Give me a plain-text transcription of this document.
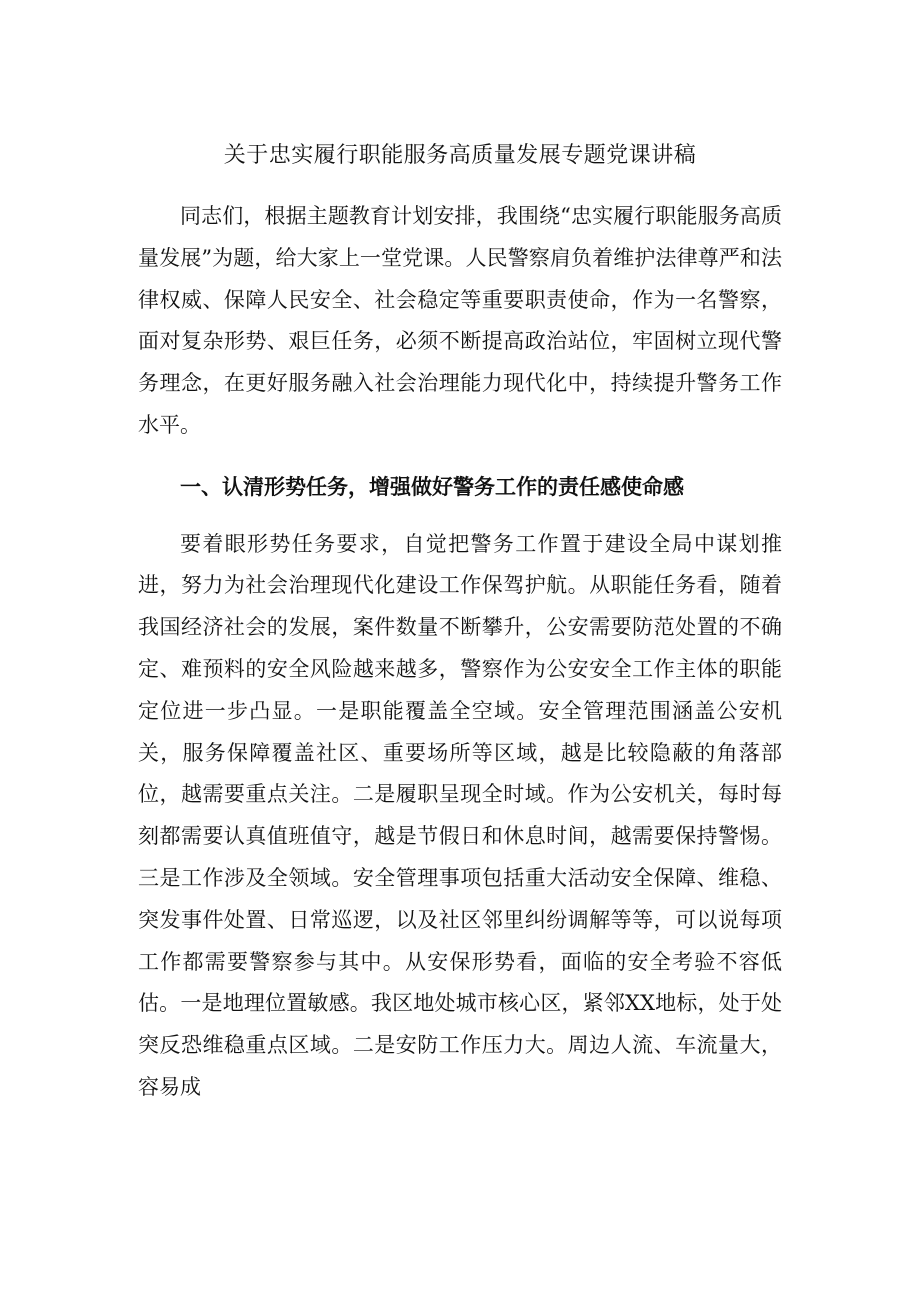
关于忠实履行职能服务高质量发展专题党课讲稿

同志们，根据主题教育计划安排，我围绕“忠实履行职能服务高质量发展”为题，给大家上一堂党课。人民警察肩负着维护法律尊严和法律权威、保障人民安全、社会稳定等重要职责使命，作为一名警察，面对复杂形势、艰巨任务，必须不断提高政治站位，牢固树立现代警务理念，在更好服务融入社会治理能力现代化中，持续提升警务工作水平。

一、认清形势任务，增强做好警务工作的责任感使命感

要着眼形势任务要求，自觉把警务工作置于建设全局中谋划推进，努力为社会治理现代化建设工作保驾护航。从职能任务看，随着我国经济社会的发展，案件数量不断攀升，公安需要防范处置的不确定、难预料的安全风险越来越多，警察作为公安安全工作主体的职能定位进一步凸显。一是职能覆盖全空域。安全管理范围涵盖公安机关，服务保障覆盖社区、重要场所等区域，越是比较隐蔽的角落部位，越需要重点关注。二是履职呈现全时域。作为公安机关，每时每刻都需要认真值班值守，越是节假日和休息时间，越需要保持警惕。三是工作涉及全领域。安全管理事项包括重大活动安全保障、维稳、突发事件处置、日常巡逻，以及社区邻里纠纷调解等等，可以说每项工作都需要警察参与其中。从安保形势看，面临的安全考验不容低估。一是地理位置敏感。我区地处城市核心区，紧邻XX地标，处于处突反恐维稳重点区域。二是安防工作压力大。周边人流、车流量大，容易成
